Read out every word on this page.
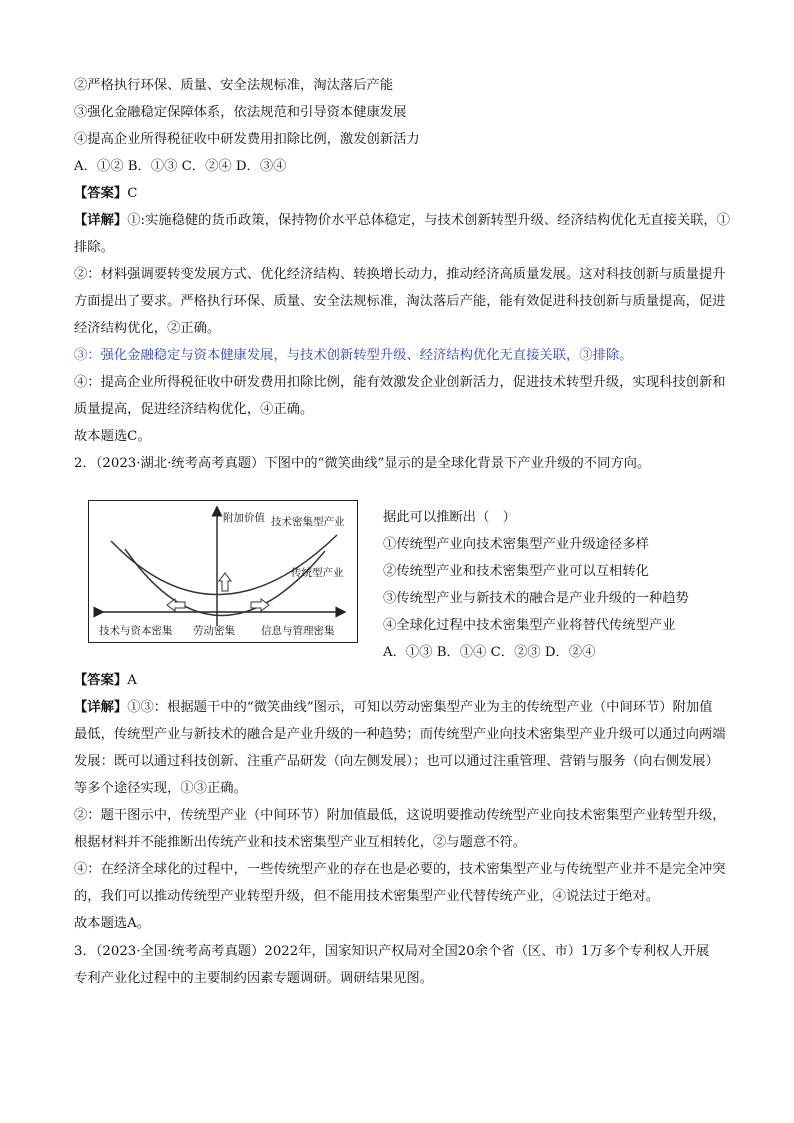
②严格执行环保、质量、安全法规标准，淘汰落后产能
③强化金融稳定保障体系，依法规范和引导资本健康发展
④提高企业所得税征收中研发费用扣除比例，激发创新活力
A．①② B．①③ C．②④ D．③④
【答案】C
【详解】①:实施稳健的货币政策，保持物价水平总体稳定，与技术创新转型升级、经济结构优化无直接关联，①
排除。
②：材料强调要转变发展方式、优化经济结构、转换增长动力，推动经济高质量发展。这对科技创新与质量提升
方面提出了要求。严格执行环保、质量、安全法规标准，淘汰落后产能，能有效促进科技创新与质量提高，促进
经济结构优化，②正确。
③：强化金融稳定与资本健康发展，与技术创新转型升级、经济结构优化无直接关联，③排除。
④：提高企业所得税征收中研发费用扣除比例，能有效激发企业创新活力，促进技术转型升级，实现科技创新和
质量提高，促进经济结构优化，④正确。
故本题选C。
2．（2023·湖北·统考高考真题）下图中的“微笑曲线”显示的是全球化背景下产业升级的不同方向。
附加价值 技术密集型产业
传统型产业
技术与资本密集 劳动密集 信息与管理密集
据此可以推断出（　）
①传统型产业向技术密集型产业升级途径多样
②传统型产业和技术密集型产业可以互相转化
③传统型产业与新技术的融合是产业升级的一种趋势
④全球化过程中技术密集型产业将替代传统型产业
A．①③ B．①④ C．②③ D．②④
【答案】A
【详解】①③：根据题干中的“微笑曲线”图示，可知以劳动密集型产业为主的传统型产业（中间环节）附加值
最低，传统型产业与新技术的融合是产业升级的一种趋势；而传统型产业向技术密集型产业升级可以通过向两端
发展：既可以通过科技创新、注重产品研发（向左侧发展）；也可以通过注重管理、营销与服务（向右侧发展）
等多个途径实现，①③正确。
②：题干图示中，传统型产业（中间环节）附加值最低，这说明要推动传统型产业向技术密集型产业转型升级，
根据材料并不能推断出传统产业和技术密集型产业互相转化，②与题意不符。
④：在经济全球化的过程中，一些传统型产业的存在也是必要的，技术密集型产业与传统型产业并不是完全冲突
的，我们可以推动传统型产业转型升级，但不能用技术密集型产业代替传统产业，④说法过于绝对。
故本题选A。
3．（2023·全国·统考高考真题）2022年，国家知识产权局对全国20余个省（区、市）1万多个专利权人开展
专利产业化过程中的主要制约因素专题调研。调研结果见图。
